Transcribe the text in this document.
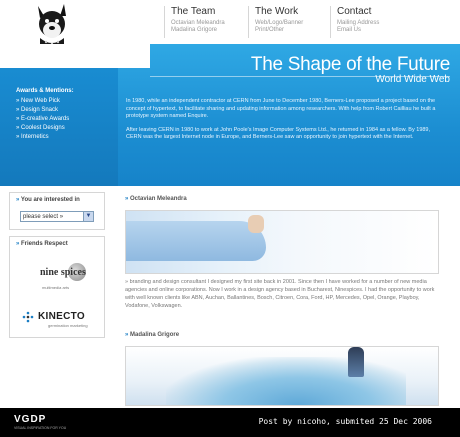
The Team
Octavian Meleandra
Madalina Grigore
The Work
Web/Logo/Banner
Print/Other
Contact
Mailing Address
Email Us
The Shape of the Future
World Wide Web
Awards & Mentions:
» New Web Pick
» Design Snack
» E-creative Awards
» Coolest Designs
» Internetics

In 1980, while an independent contractor at CERN from June to December 1980, Berners-Lee proposed a project based on the concept of hypertext, to facilitate sharing and updating information among researchers. With help from Robert Cailliau he built a prototype system named Enquire.

After leaving CERN in 1980 to work at John Poole's Image Computer Systems Ltd., he returned in 1984 as a fellow. By 1989, CERN was the largest Internet node in Europe, and Berners-Lee saw an opportunity to join hypertext with the Internet.

» You are interested in
please select »	▼
» Friends Respect
nine spices
multimedia arts
KINECTO
germination marketing
» Octavian Meleandra
» branding and design consultant I designed my first site back in 2001. Since then I have worked for a number of new media agencies and online corporations. Now I work in a design agency based in Bucharest, Ninespices. I had the opportunity to work with well known clients like ABN, Auchan, Ballantines, Bosch, Citroen, Cora, Ford, HP, Mercedes, Opel, Orange, Playboy, Vodafone, Volkswagen.
» Madalina Grigore
VGDP
VISUAL INSPIRATION FOR YOU
Post by nicoho, submited 25 Dec 2006
